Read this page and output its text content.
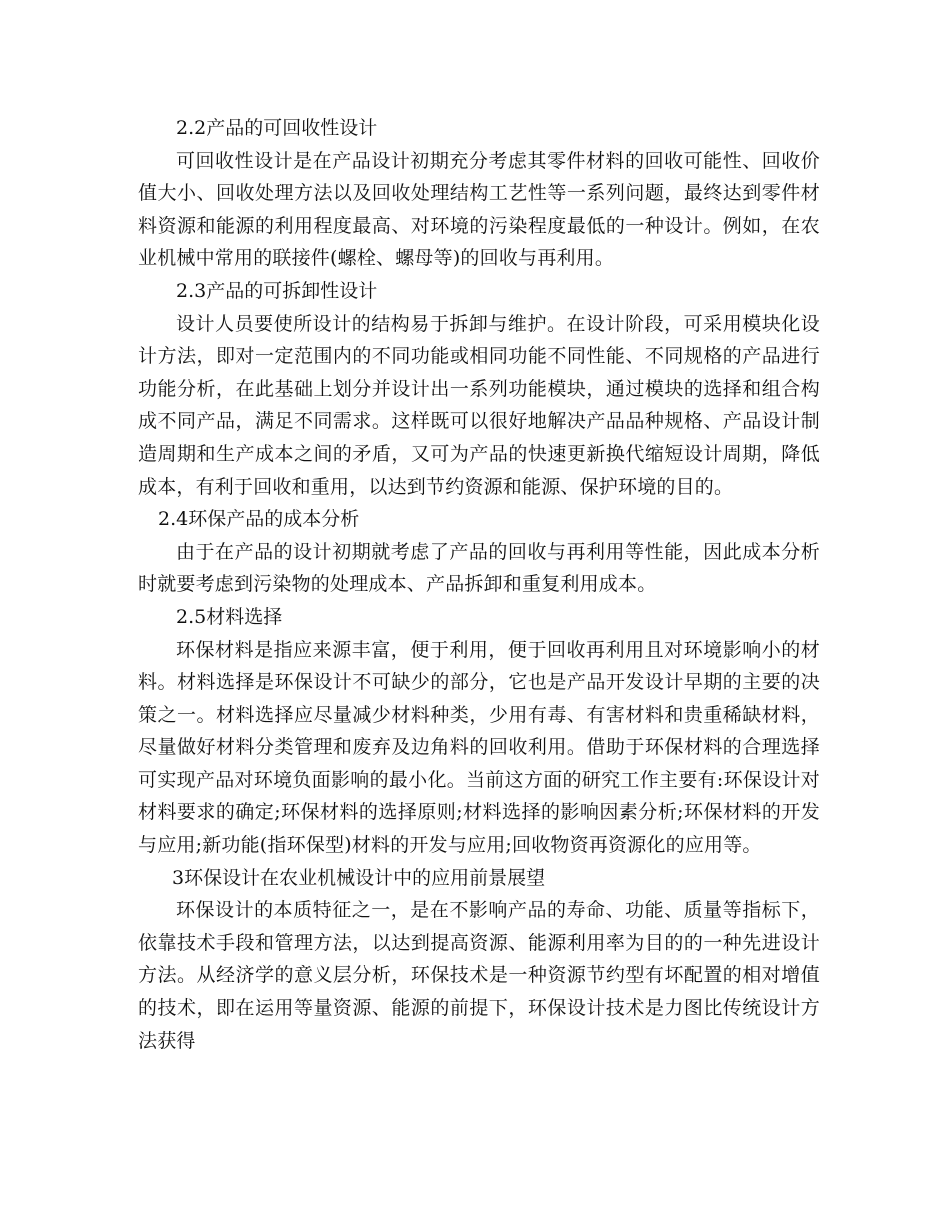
2.2产品的可回收性设计

可回收性设计是在产品设计初期充分考虑其零件材料的回收可能性、回收价值大小、回收处理方法以及回收处理结构工艺性等一系列问题，最终达到零件材料资源和能源的利用程度最高、对环境的污染程度最低的一种设计。例如，在农业机械中常用的联接件(螺栓、螺母等)的回收与再利用。

2.3产品的可拆卸性设计

设计人员要使所设计的结构易于拆卸与维护。在设计阶段，可采用模块化设计方法，即对一定范围内的不同功能或相同功能不同性能、不同规格的产品进行功能分析，在此基础上划分并设计出一系列功能模块，通过模块的选择和组合构成不同产品，满足不同需求。这样既可以很好地解决产品品种规格、产品设计制造周期和生产成本之间的矛盾，又可为产品的快速更新换代缩短设计周期，降低成本，有利于回收和重用，以达到节约资源和能源、保护环境的目的。

2.4环保产品的成本分析

由于在产品的设计初期就考虑了产品的回收与再利用等性能，因此成本分析时就要考虑到污染物的处理成本、产品拆卸和重复利用成本。

2.5材料选择

环保材料是指应来源丰富，便于利用，便于回收再利用且对环境影响小的材料。材料选择是环保设计不可缺少的部分，它也是产品开发设计早期的主要的决策之一。材料选择应尽量减少材料种类，少用有毒、有害材料和贵重稀缺材料，尽量做好材料分类管理和废弃及边角料的回收利用。借助于环保材料的合理选择可实现产品对环境负面影响的最小化。当前这方面的研究工作主要有:环保设计对材料要求的确定;环保材料的选择原则;材料选择的影响因素分析;环保材料的开发与应用;新功能(指环保型)材料的开发与应用;回收物资再资源化的应用等。

3环保设计在农业机械设计中的应用前景展望

环保设计的本质特征之一，是在不影响产品的寿命、功能、质量等指标下，依靠技术手段和管理方法，以达到提高资源、能源利用率为目的的一种先进设计方法。从经济学的意义层分析，环保技术是一种资源节约型有坏配置的相对增值的技术，即在运用等量资源、能源的前提下，环保设计技术是力图比传统设计方法获得
